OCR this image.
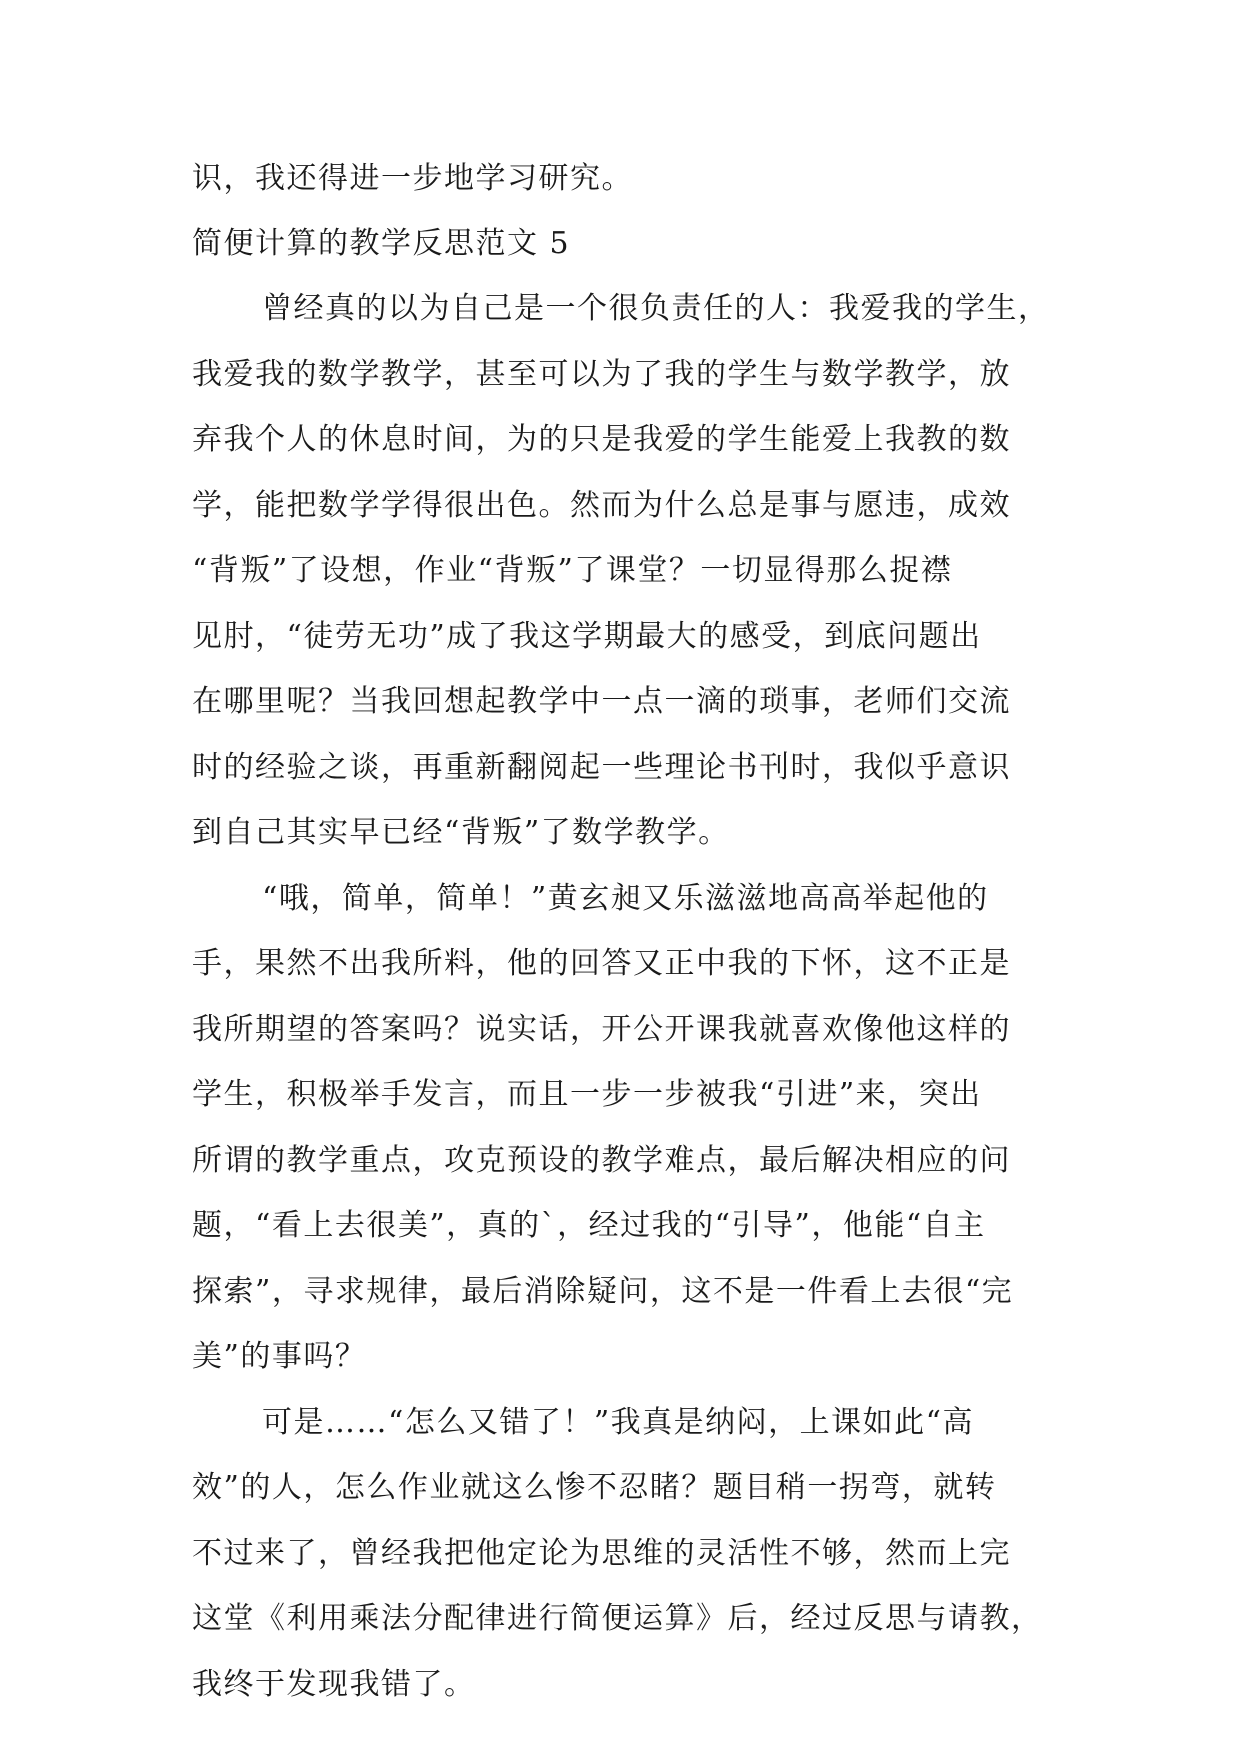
识，我还得进一步地学习研究。
简便计算的教学反思范文 5
曾经真的以为自己是一个很负责任的人：我爱我的学生，
我爱我的数学教学，甚至可以为了我的学生与数学教学，放
弃我个人的休息时间，为的只是我爱的学生能爱上我教的数
学，能把数学学得很出色。然而为什么总是事与愿违，成效
“背叛”了设想，作业“背叛”了课堂？一切显得那么捉襟
见肘，“徒劳无功”成了我这学期最大的感受，到底问题出
在哪里呢？当我回想起教学中一点一滴的琐事，老师们交流
时的经验之谈，再重新翻阅起一些理论书刊时，我似乎意识
到自己其实早已经“背叛”了数学教学。
“哦，简单，简单！”黄玄昶又乐滋滋地高高举起他的
手，果然不出我所料，他的回答又正中我的下怀，这不正是
我所期望的答案吗？说实话，开公开课我就喜欢像他这样的
学生，积极举手发言，而且一步一步被我“引进”来，突出
所谓的教学重点，攻克预设的教学难点，最后解决相应的问
题，“看上去很美”，真的`，经过我的“引导”，他能“自主
探索”，寻求规律，最后消除疑问，这不是一件看上去很“完
美”的事吗？
可是……“怎么又错了！”我真是纳闷，上课如此“高
效”的人，怎么作业就这么惨不忍睹？题目稍一拐弯，就转
不过来了，曾经我把他定论为思维的灵活性不够，然而上完
这堂《利用乘法分配律进行简便运算》后，经过反思与请教，
我终于发现我错了。
